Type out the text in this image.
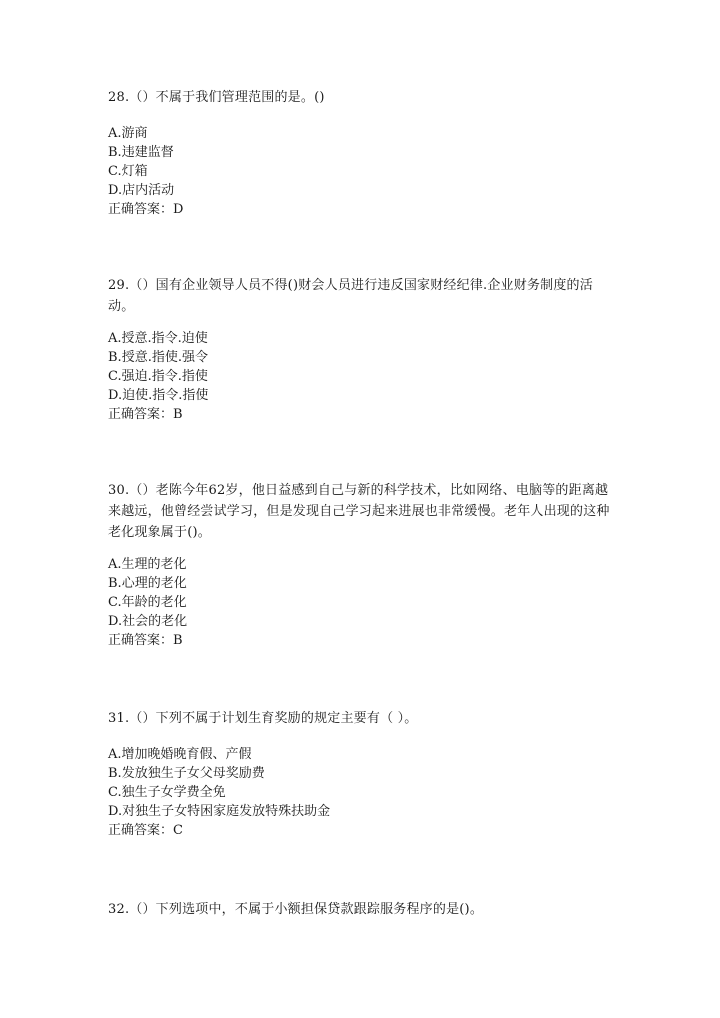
28.（）不属于我们管理范围的是。()

A.游商
B.违建监督
C.灯箱
D.店内活动
正确答案：D

29.（）国有企业领导人员不得()财会人员进行违反国家财经纪律.企业财务制度的活动。

A.授意.指令.迫使
B.授意.指使.强令
C.强迫.指令.指使
D.迫使.指令.指使
正确答案：B

30.（）老陈今年62岁，他日益感到自己与新的科学技术，比如网络、电脑等的距离越来越远，他曾经尝试学习，但是发现自己学习起来进展也非常缓慢。老年人出现的这种老化现象属于()。

A.生理的老化
B.心理的老化
C.年龄的老化
D.社会的老化
正确答案：B

31.（）下列不属于计划生育奖励的规定主要有（ ）。

A.增加晚婚晚育假、产假
B.发放独生子女父母奖励费
C.独生子女学费全免
D.对独生子女特困家庭发放特殊扶助金
正确答案：C

32.（）下列选项中，不属于小额担保贷款跟踪服务程序的是()。
